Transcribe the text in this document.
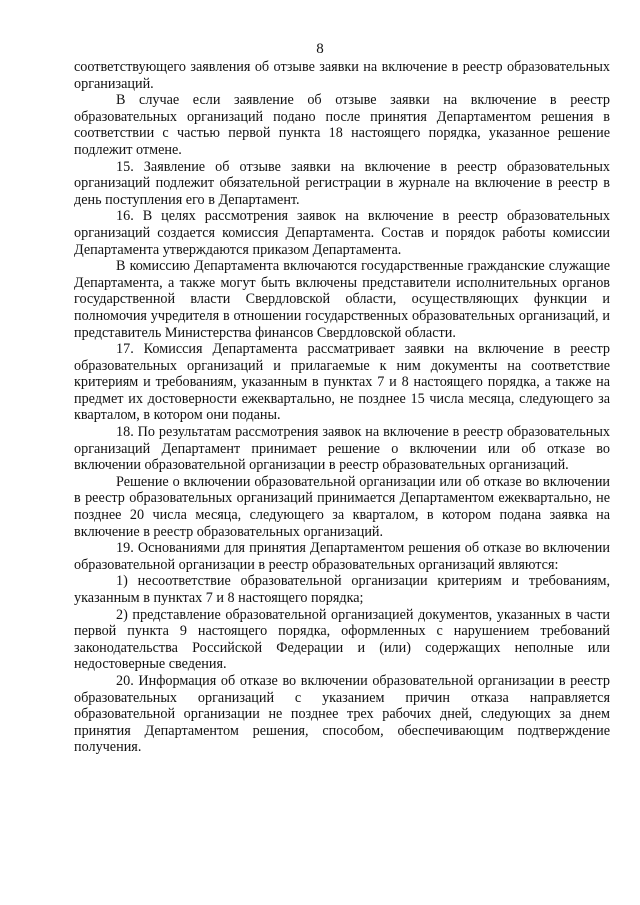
8

соответствующего заявления об отзыве заявки на включение в реестр образовательных организаций.

В случае если заявление об отзыве заявки на включение в реестр образовательных организаций подано после принятия Департаментом решения в соответствии с частью первой пункта 18 настоящего порядка, указанное решение подлежит отмене.

15. Заявление об отзыве заявки на включение в реестр образовательных организаций подлежит обязательной регистрации в журнале на включение в реестр в день поступления его в Департамент.

16. В целях рассмотрения заявок на включение в реестр образовательных организаций создается комиссия Департамента. Состав и порядок работы комиссии Департамента утверждаются приказом Департамента.

В комиссию Департамента включаются государственные гражданские служащие Департамента, а также могут быть включены представители исполнительных органов государственной власти Свердловской области, осуществляющих функции и полномочия учредителя в отношении государственных образовательных организаций, и представитель Министерства финансов Свердловской области.

17. Комиссия Департамента рассматривает заявки на включение в реестр образовательных организаций и прилагаемые к ним документы на соответствие критериям и требованиям, указанным в пунктах 7 и 8 настоящего порядка, а также на предмет их достоверности ежеквартально, не позднее 15 числа месяца, следующего за кварталом, в котором они поданы.

18. По результатам рассмотрения заявок на включение в реестр образовательных организаций Департамент принимает решение о включении или об отказе во включении образовательной организации в реестр образовательных организаций.

Решение о включении образовательной организации или об отказе во включении в реестр образовательных организаций принимается Департаментом ежеквартально, не позднее 20 числа месяца, следующего за кварталом, в котором подана заявка на включение в реестр образовательных организаций.

19. Основаниями для принятия Департаментом решения об отказе во включении образовательной организации в реестр образовательных организаций являются:

1) несоответствие образовательной организации критериям и требованиям, указанным в пунктах 7 и 8 настоящего порядка;

2) представление образовательной организацией документов, указанных в части первой пункта 9 настоящего порядка, оформленных с нарушением требований законодательства Российской Федерации и (или) содержащих неполные или недостоверные сведения.

20. Информация об отказе во включении образовательной организации в реестр образовательных организаций с указанием причин отказа направляется образовательной организации не позднее трех рабочих дней, следующих за днем принятия Департаментом решения, способом, обеспечивающим подтверждение получения.
